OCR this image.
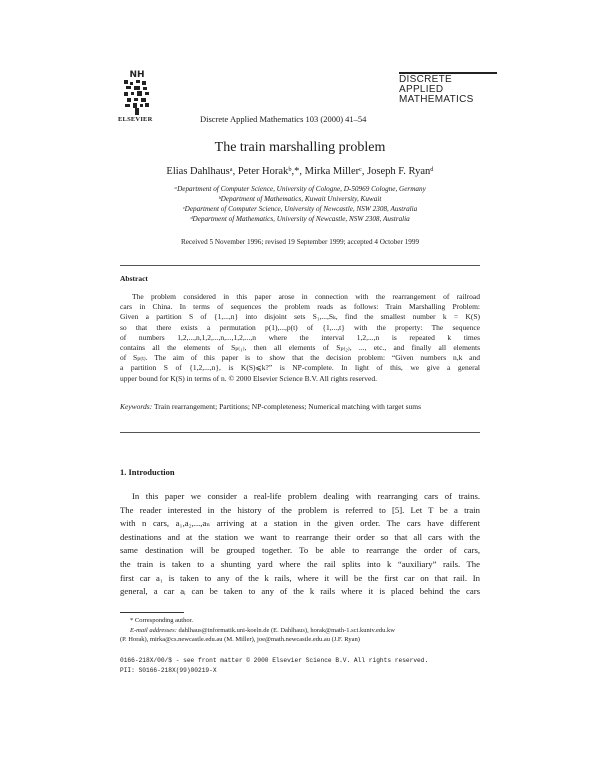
NH
ELSEVIER	Discrete Applied Mathematics 103 (2000) 41–54
DISCRETE
APPLIED
MATHEMATICS
The train marshalling problem
Elias Dahlhausᵃ, Peter Horakᵇ,*, Mirka Millerᶜ, Joseph F. Ryanᵈ
ᵃDepartment of Computer Science, University of Cologne, D-50969 Cologne, Germany
ᵇDepartment of Mathematics, Kuwait University, Kuwait
ᶜDepartment of Computer Science, University of Newcastle, NSW 2308, Australia
ᵈDepartment of Mathematics, University of Newcastle, NSW 2308, Australia
Received 5 November 1996; revised 19 September 1999; accepted 4 October 1999
Abstract
The problem considered in this paper arose in connection with the rearrangement of railroad
cars in China. In terms of sequences the problem reads as follows: Train Marshalling Problem:
Given a partition S of {1,...,n} into disjoint sets S₁,...,Sₖ, find the smallest number k = K(S)
so that there exists a permutation p(1),...,p(t) of {1,...,t} with the property: The sequence
of numbers 1,2,...,n,1,2,...,n,...,1,2,...,n where the interval 1,2,...,n is repeated k times
contains all the elements of Sₚ₍₁₎, then all elements of Sₚ₍₂₎, ..., etc., and finally all elements
of Sₚ₍ₜ₎. The aim of this paper is to show that the decision problem: “Given numbers n,k and
a partition S of {1,2,...,n}, is K(S)⩽k?” is NP-complete. In light of this, we give a general
upper bound for K(S) in terms of n. © 2000 Elsevier Science B.V. All rights reserved.
Keywords: Train rearrangement; Partitions; NP-completeness; Numerical matching with target sums
1. Introduction
In this paper we consider a real-life problem dealing with rearranging cars of trains.
The reader interested in the history of the problem is referred to [5]. Let T be a train
with n cars, a₁,a₂,...,aₙ arriving at a station in the given order. The cars have different
destinations and at the station we want to rearrange their order so that all cars with the
same destination will be grouped together. To be able to rearrange the order of cars,
the train is taken to a shunting yard where the rail splits into k “auxiliary” rails. The
first car a₁ is taken to any of the k rails, where it will be the first car on that rail. In
general, a car aᵢ can be taken to any of the k rails where it is placed behind the cars
* Corresponding author.
E-mail addresses: dahlhaus@informatik.uni-koeln.de (E. Dahlhaus), horak@math-1.sci.kuniv.edu.kw
(P. Horak), mirka@cs.newcastle.edu.au (M. Miller), joe@math.newcastle.edu.au (J.F. Ryan)
0166-218X/00/$ - see front matter © 2000 Elsevier Science B.V. All rights reserved.
PII: S0166-218X(99)00219-X
